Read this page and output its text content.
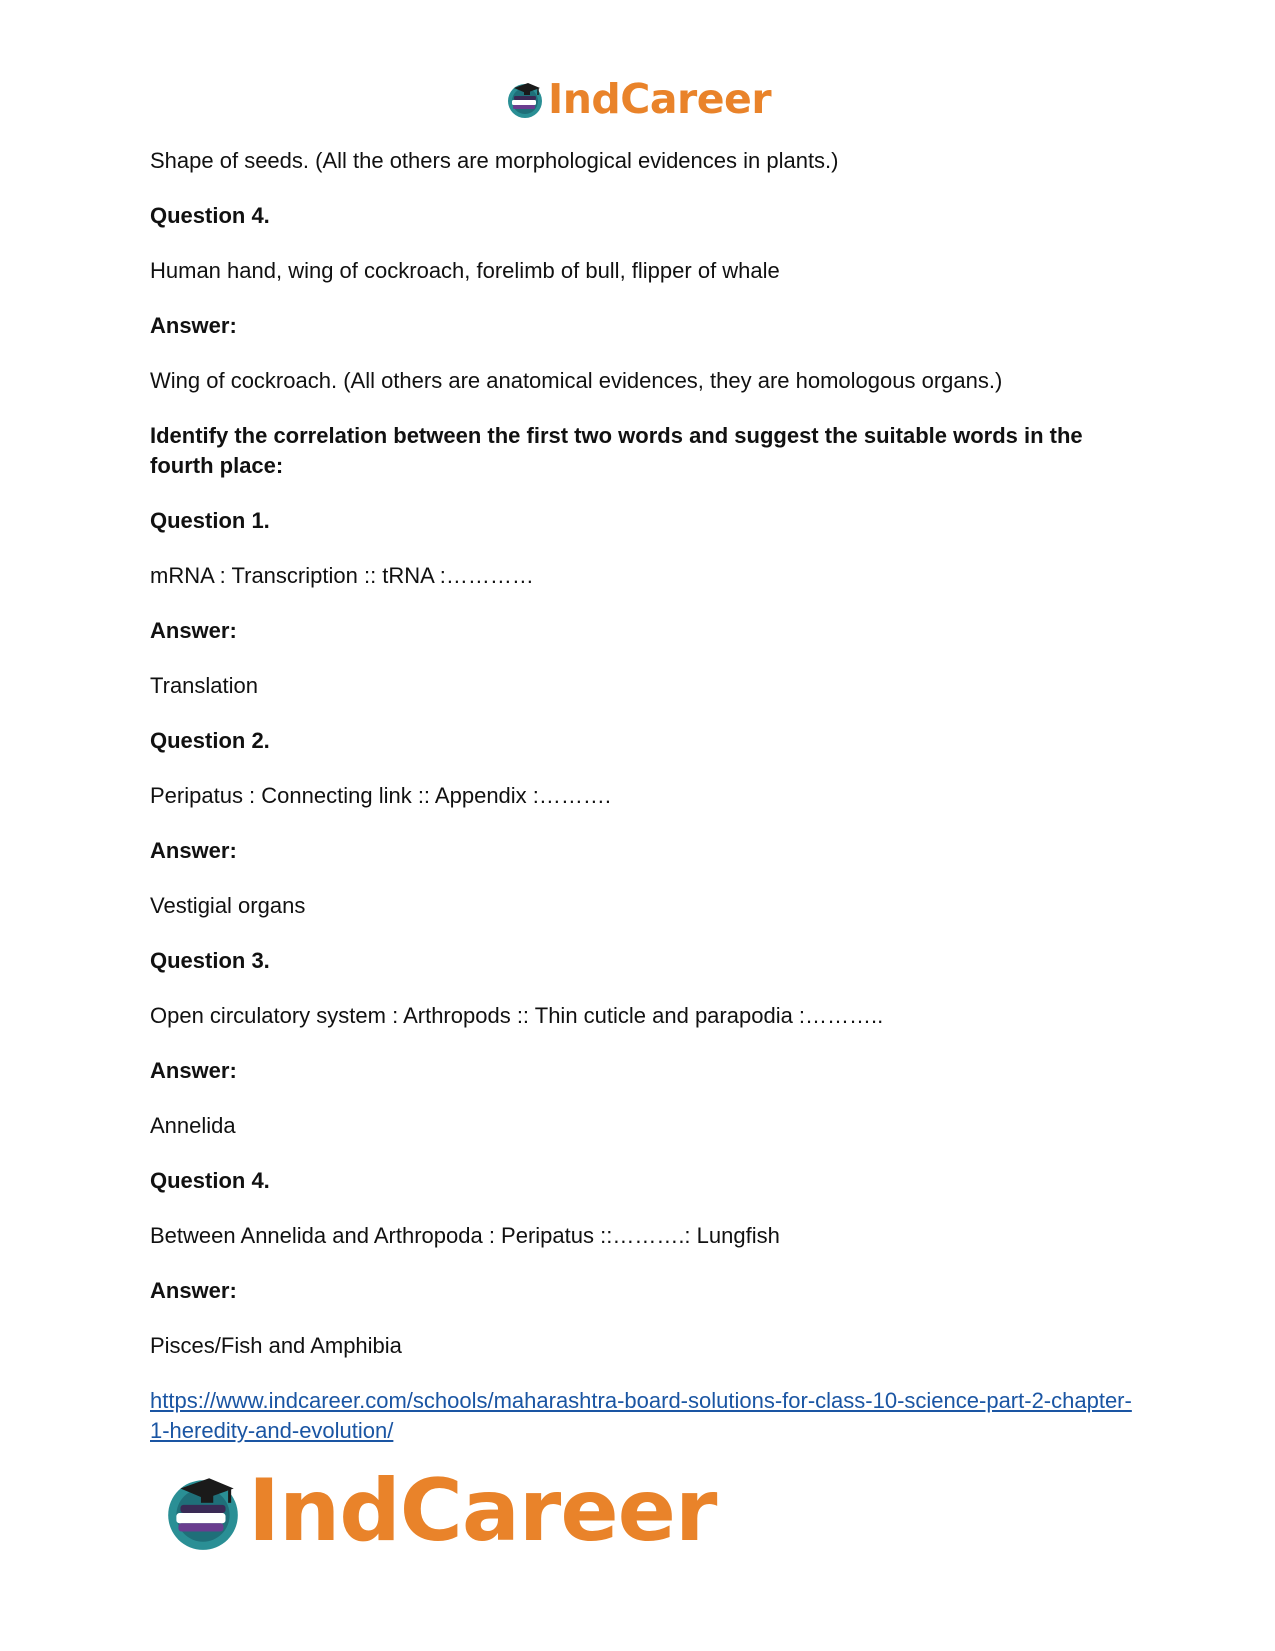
IndCareer

Shape of seeds. (All the others are morphological evidences in plants.)

Question 4.

Human hand, wing of cockroach, forelimb of bull, flipper of whale

Answer:

Wing of cockroach. (All others are anatomical evidences, they are homologous organs.)

Identify the correlation between the first two words and suggest the suitable words in the fourth place:

Question 1.

mRNA : Transcription :: tRNA :…………

Answer:

Translation

Question 2.

Peripatus : Connecting link :: Appendix :……….

Answer:

Vestigial organs

Question 3.

Open circulatory system : Arthropods :: Thin cuticle and parapodia :………..

Answer:

Annelida

Question 4.

Between Annelida and Arthropoda : Peripatus ::……….: Lungfish

Answer:

Pisces/Fish and Amphibia

https://www.indcareer.com/schools/maharashtra-board-solutions-for-class-10-science-part-2-chapter-1-heredity-and-evolution/
IndCareer
